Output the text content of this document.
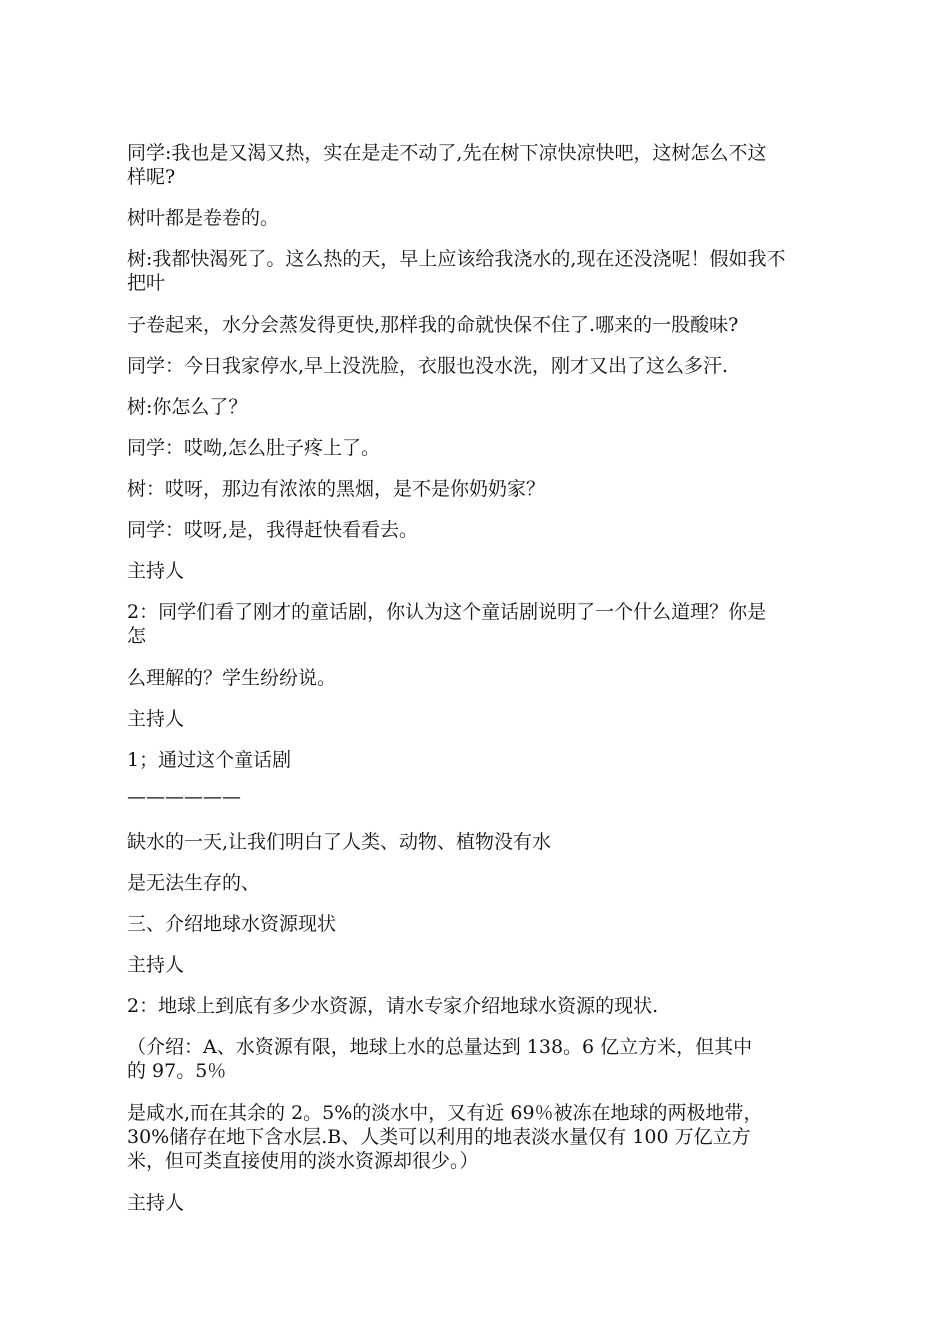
同学:我也是又渴又热，实在是走不动了,先在树下凉快凉快吧，这树怎么不这
样呢?

树叶都是卷卷的。

树:我都快渴死了。这么热的天，早上应该给我浇水的,现在还没浇呢！假如我不
把叶

子卷起来，水分会蒸发得更快,那样我的命就快保不住了.哪来的一股酸味?

同学：今日我家停水,早上没洗脸，衣服也没水洗，刚才又出了这么多汗.

树:你怎么了？

同学：哎呦,怎么肚子疼上了。

树：哎呀，那边有浓浓的黑烟，是不是你奶奶家？

同学：哎呀,是，我得赶快看看去。

主持人

2：同学们看了刚才的童话剧，你认为这个童话剧说明了一个什么道理？你是
怎

么理解的？学生纷纷说。

主持人

1；通过这个童话剧

——————

缺水的一天,让我们明白了人类、动物、植物没有水

是无法生存的、

三、介绍地球水资源现状

主持人

2：地球上到底有多少水资源，请水专家介绍地球水资源的现状.

（介绍：A、水资源有限，地球上水的总量达到 138。6 亿立方米，但其中
的 97。5％

是咸水,而在其余的 2。5%的淡水中，又有近 69％被冻在地球的两极地带，
30%储存在地下含水层.B、人类可以利用的地表淡水量仅有 100 万亿立方
米，但可类直接使用的淡水资源却很少。）

主持人
